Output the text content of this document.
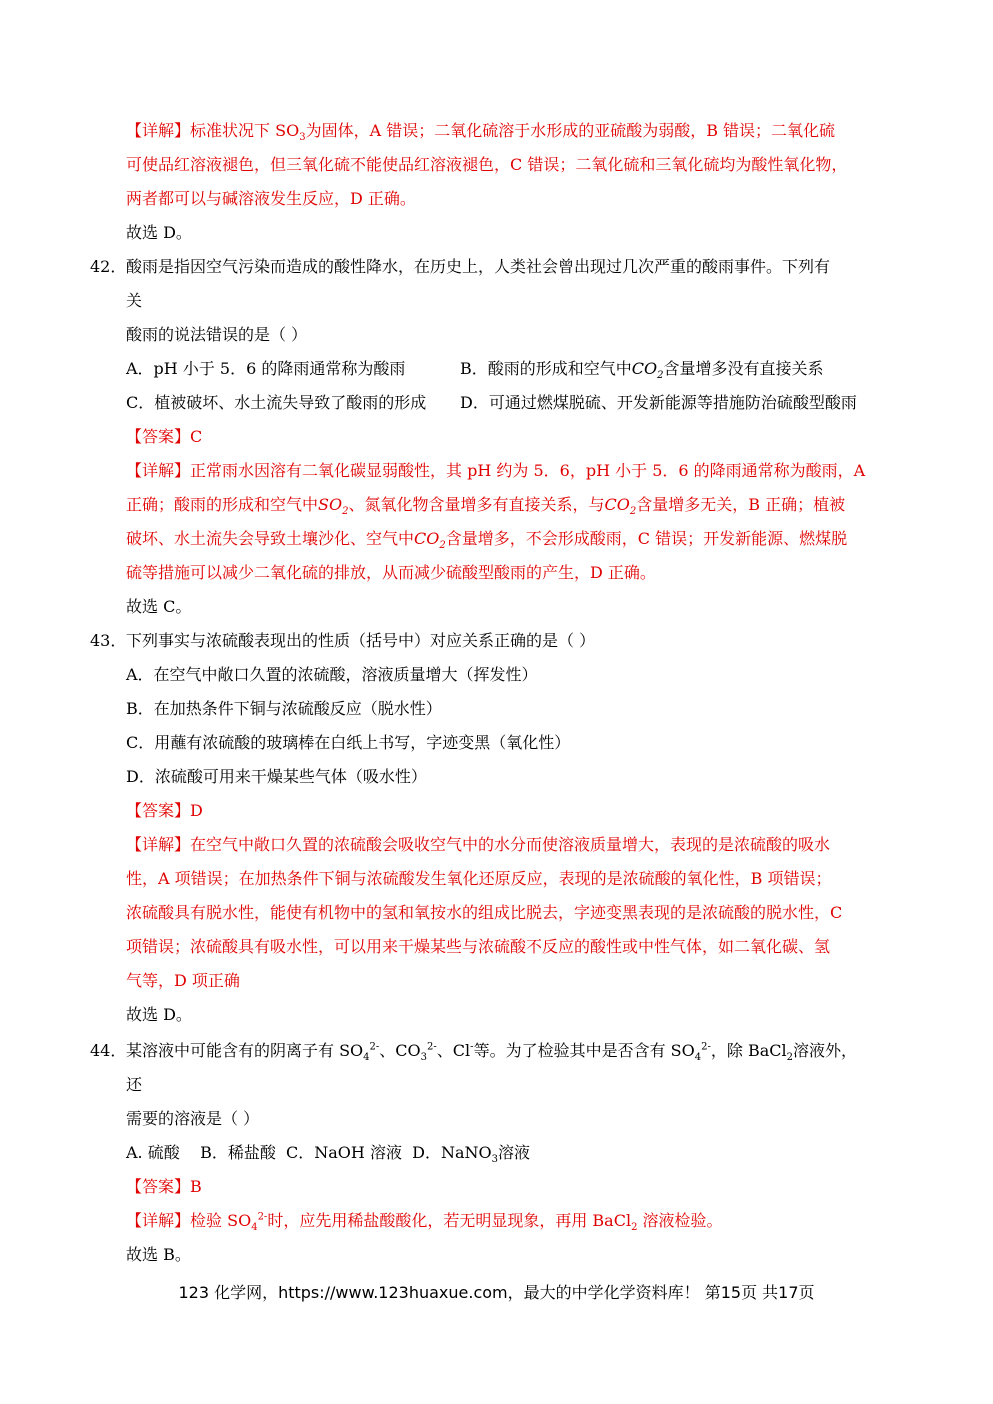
【详解】标准状况下 $SO_3$为固体，A 错误；二氧化硫溶于水形成的亚硫酸为弱酸，B 错误；二氧化硫
可使品红溶液褪色，但三氧化硫不能使品红溶液褪色，C 错误；二氧化硫和三氧化硫均为酸性氧化物，
两者都可以与碱溶液发生反应，D 正确。
故选 D。
42． 酸雨是指因空气污染而造成的酸性降水，在历史上，人类社会曾出现过几次严重的酸雨事件。下列有
关
酸雨的说法错误的是（ ）
A．pH 小于 5．6 的降雨通常称为酸雨	B．酸雨的形成和空气中$CO_2$含量增多没有直接关系
C．植被破坏、水土流失导致了酸雨的形成 D．可通过燃煤脱硫、开发新能源等措施防治硫酸型酸雨
【答案】C
【详解】正常雨水因溶有二氧化碳显弱酸性，其 pH 约为 5．6，pH 小于 5．6 的降雨通常称为酸雨，A
正确；酸雨的形成和空气中$SO_2$、氮氧化物含量增多有直接关系，与$CO_2$含量增多无关，B 正确；植被
破坏、水土流失会导致土壤沙化、空气中$CO_2$含量增多，不会形成酸雨，C 错误；开发新能源、燃煤脱
硫等措施可以减少二氧化硫的排放，从而减少硫酸型酸雨的产生，D 正确。
故选 C。
43． 下列事实与浓硫酸表现出的性质（括号中）对应关系正确的是（ ）
A．在空气中敞口久置的浓硫酸，溶液质量增大（挥发性）
B．在加热条件下铜与浓硫酸反应（脱水性）
C．用蘸有浓硫酸的玻璃棒在白纸上书写，字迹变黑（氧化性）
D．浓硫酸可用来干燥某些气体（吸水性）
【答案】D
【详解】在空气中敞口久置的浓硫酸会吸收空气中的水分而使溶液质量增大，表现的是浓硫酸的吸水
性，A 项错误；在加热条件下铜与浓硫酸发生氧化还原反应，表现的是浓硫酸的氧化性，B 项错误；
浓硫酸具有脱水性，能使有机物中的氢和氧按水的组成比脱去，字迹变黑表现的是浓硫酸的脱水性，C
项错误；浓硫酸具有吸水性，可以用来干燥某些与浓硫酸不反应的酸性或中性气体，如二氧化碳、氢
气等，D 项正确
故选 D。
44． 某溶液中可能含有的阴离子有 $SO_4^{2-}$、$CO_3^{2-}$、Cl-等。为了检验其中是否含有 $SO_4^{2-}$，除 BaCl$_2$溶液外，
还
需要的溶液是（ ）
A. 硫酸 B．稀盐酸 C．NaOH 溶液 D．NaNO$_3$溶液
【答案】B
【详解】检验 $SO_4^{2-}$时，应先用稀盐酸酸化，若无明显现象，再用 BaCl$_2$ 溶液检验。
故选 B。
123 化学网，https://www.123huaxue.com，最大的中学化学资料库！ 第15页 共17页
